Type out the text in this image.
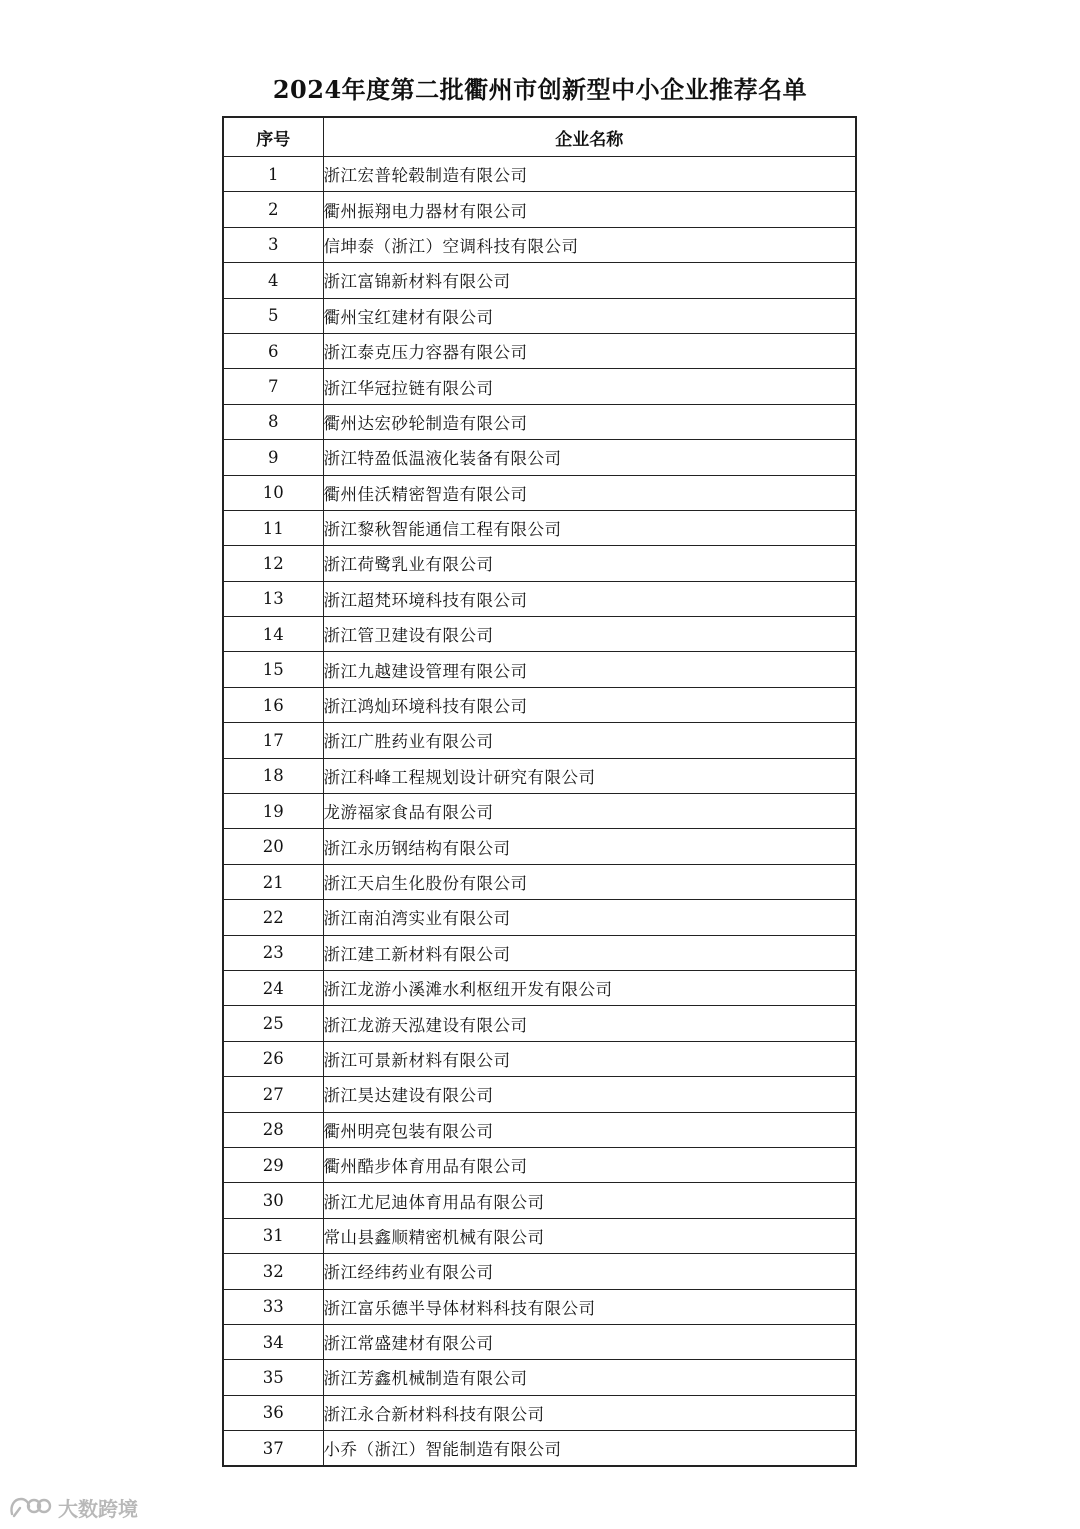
2024年度第二批衢州市创新型中小企业推荐名单
序号	企业名称
1	浙江宏普轮毂制造有限公司
2	衢州振翔电力器材有限公司
3	信坤泰（浙江）空调科技有限公司
4	浙江富锦新材料有限公司
5	衢州宝红建材有限公司
6	浙江泰克压力容器有限公司
7	浙江华冠拉链有限公司
8	衢州达宏砂轮制造有限公司
9	浙江特盈低温液化装备有限公司
10	衢州佳沃精密智造有限公司
11	浙江黎秋智能通信工程有限公司
12	浙江荷鹭乳业有限公司
13	浙江超梵环境科技有限公司
14	浙江管卫建设有限公司
15	浙江九越建设管理有限公司
16	浙江鸿灿环境科技有限公司
17	浙江广胜药业有限公司
18	浙江科峰工程规划设计研究有限公司
19	龙游福家食品有限公司
20	浙江永历钢结构有限公司
21	浙江天启生化股份有限公司
22	浙江南泊湾实业有限公司
23	浙江建工新材料有限公司
24	浙江龙游小溪滩水利枢纽开发有限公司
25	浙江龙游天泓建设有限公司
26	浙江可景新材料有限公司
27	浙江昊达建设有限公司
28	衢州明亮包装有限公司
29	衢州酷步体育用品有限公司
30	浙江尤尼迪体育用品有限公司
31	常山县鑫顺精密机械有限公司
32	浙江经纬药业有限公司
33	浙江富乐德半导体材料科技有限公司
34	浙江常盛建材有限公司
35	浙江芳鑫机械制造有限公司
36	浙江永合新材料科技有限公司
37	小乔（浙江）智能制造有限公司
大数跨境
